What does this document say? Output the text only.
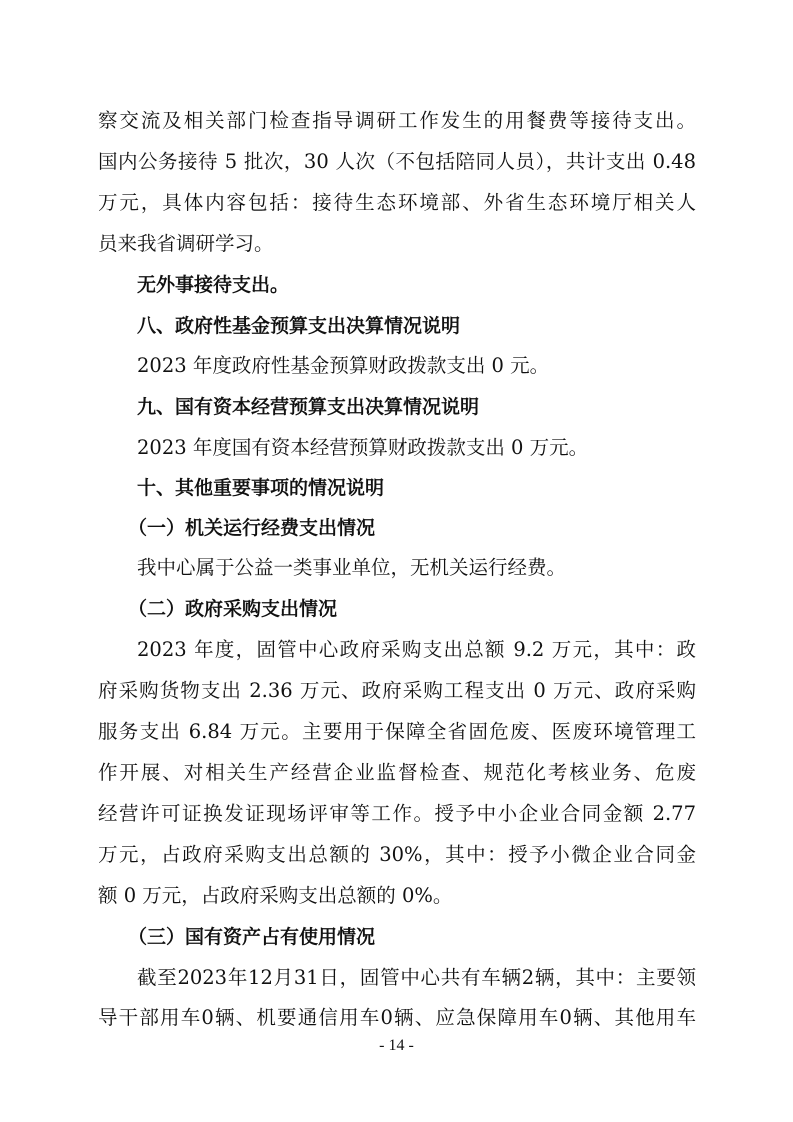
察交流及相关部门检查指导调研工作发生的用餐费等接待支出。
国内公务接待 5 批次，30 人次（不包括陪同人员），共计支出 0.48
万元，具体内容包括：接待生态环境部、外省生态环境厅相关人
员来我省调研学习。
无外事接待支出。
八、政府性基金预算支出决算情况说明
2023 年度政府性基金预算财政拨款支出 0 元。
九、国有资本经营预算支出决算情况说明
2023 年度国有资本经营预算财政拨款支出 0 万元。
十、其他重要事项的情况说明
（一）机关运行经费支出情况
我中心属于公益一类事业单位，无机关运行经费。
（二）政府采购支出情况
2023 年度，固管中心政府采购支出总额 9.2 万元，其中：政
府采购货物支出 2.36 万元、政府采购工程支出 0 万元、政府采购
服务支出 6.84 万元。主要用于保障全省固危废、医废环境管理工
作开展、对相关生产经营企业监督检查、规范化考核业务、危废
经营许可证换发证现场评审等工作。授予中小企业合同金额 2.77
万元，占政府采购支出总额的 30%，其中：授予小微企业合同金
额 0 万元，占政府采购支出总额的 0%。
（三）国有资产占有使用情况
截至2023年12月31日，固管中心共有车辆2辆，其中：主要领
导干部用车0辆、机要通信用车0辆、应急保障用车0辆、其他用车
- 14 -
